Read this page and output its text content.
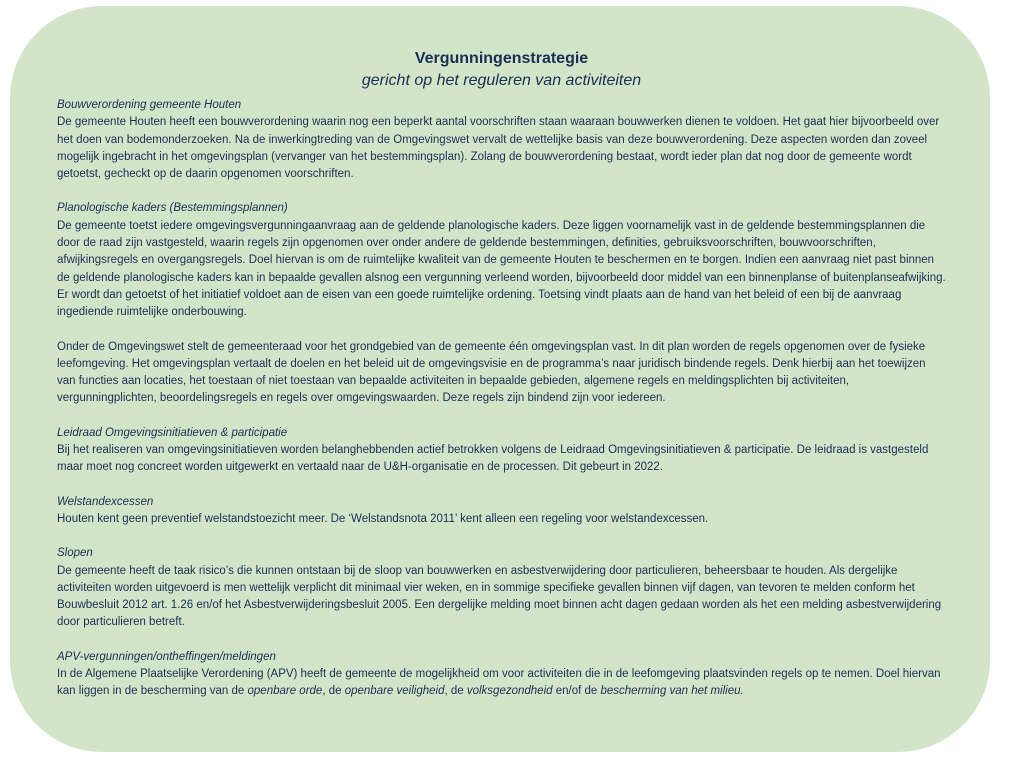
Vergunningenstrategie

gericht op het reguleren van activiteiten

Bouwverordening gemeente Houten

De gemeente Houten heeft een bouwverordening waarin nog een beperkt aantal voorschriften staan waaraan bouwwerken dienen te voldoen. Het gaat hier bijvoorbeeld over het doen van bodemonderzoeken. Na de inwerkingtreding van de Omgevingswet vervalt de wettelijke basis van deze bouwverordening. Deze aspecten worden dan zoveel mogelijk ingebracht in het omgevingsplan (vervanger van het bestemmingsplan). Zolang de bouwverordening bestaat, wordt ieder plan dat nog door de gemeente wordt getoetst, gecheckt op de daarin opgenomen voorschriften.

Planologische kaders (Bestemmingsplannen)

De gemeente toetst iedere omgevingsvergunningaanvraag aan de geldende planologische kaders. Deze liggen voornamelijk vast in de geldende bestemmingsplannen die door de raad zijn vastgesteld, waarin regels zijn opgenomen over onder andere de geldende bestemmingen, definities, gebruiksvoorschriften, bouwvoorschriften, afwijkingsregels en overgangsregels. Doel hiervan is om de ruimtelijke kwaliteit van de gemeente Houten te beschermen en te borgen. Indien een aanvraag niet past binnen de geldende planologische kaders kan in bepaalde gevallen alsnog een vergunning verleend worden, bijvoorbeeld door middel van een binnenplanse of buitenplanseafwijking. Er wordt dan getoetst of het initiatief voldoet aan de eisen van een goede ruimtelijke ordening. Toetsing vindt plaats aan de hand van het beleid of een bij de aanvraag ingediende ruimtelijke onderbouwing.

Onder de Omgevingswet stelt de gemeenteraad voor het grondgebied van de gemeente één omgevingsplan vast. In dit plan worden de regels opgenomen over de fysieke leefomgeving. Het omgevingsplan vertaalt de doelen en het beleid uit de omgevingsvisie en de programma’s naar juridisch bindende regels. Denk hierbij aan het toewijzen van functies aan locaties, het toestaan of niet toestaan van bepaalde activiteiten in bepaalde gebieden, algemene regels en meldingsplichten bij activiteiten, vergunningplichten, beoordelingsregels en regels over omgevingswaarden. Deze regels zijn bindend zijn voor iedereen.

Leidraad Omgevingsinitiatieven & participatie

Bij het realiseren van omgevingsinitiatieven worden belanghebbenden actief betrokken volgens de Leidraad Omgevingsinitiatieven & participatie. De leidraad is vastgesteld maar moet nog concreet worden uitgewerkt en vertaald naar de U&H-organisatie en de processen. Dit gebeurt in 2022.

Welstandexcessen

Houten kent geen preventief welstandstoezicht meer. De ‘Welstandsnota 2011’ kent alleen een regeling voor welstandexcessen.

Slopen

De gemeente heeft de taak risico’s die kunnen ontstaan bij de sloop van bouwwerken en asbestverwijdering door particulieren, beheersbaar te houden. Als dergelijke activiteiten worden uitgevoerd is men wettelijk verplicht dit minimaal vier weken, en in sommige specifieke gevallen binnen vijf dagen, van tevoren te melden conform het Bouwbesluit 2012 art. 1.26 en/of het Asbestverwijderingsbesluit 2005. Een dergelijke melding moet binnen acht dagen gedaan worden als het een melding asbestverwijdering door particulieren betreft.

APV-vergunningen/ontheffingen/meldingen

In de Algemene Plaatselijke Verordening (APV) heeft de gemeente de mogelijkheid om voor activiteiten die in de leefomgeving plaatsvinden regels op te nemen. Doel hiervan kan liggen in de bescherming van de openbare orde, de openbare veiligheid, de volksgezondheid en/of de bescherming van het milieu.
